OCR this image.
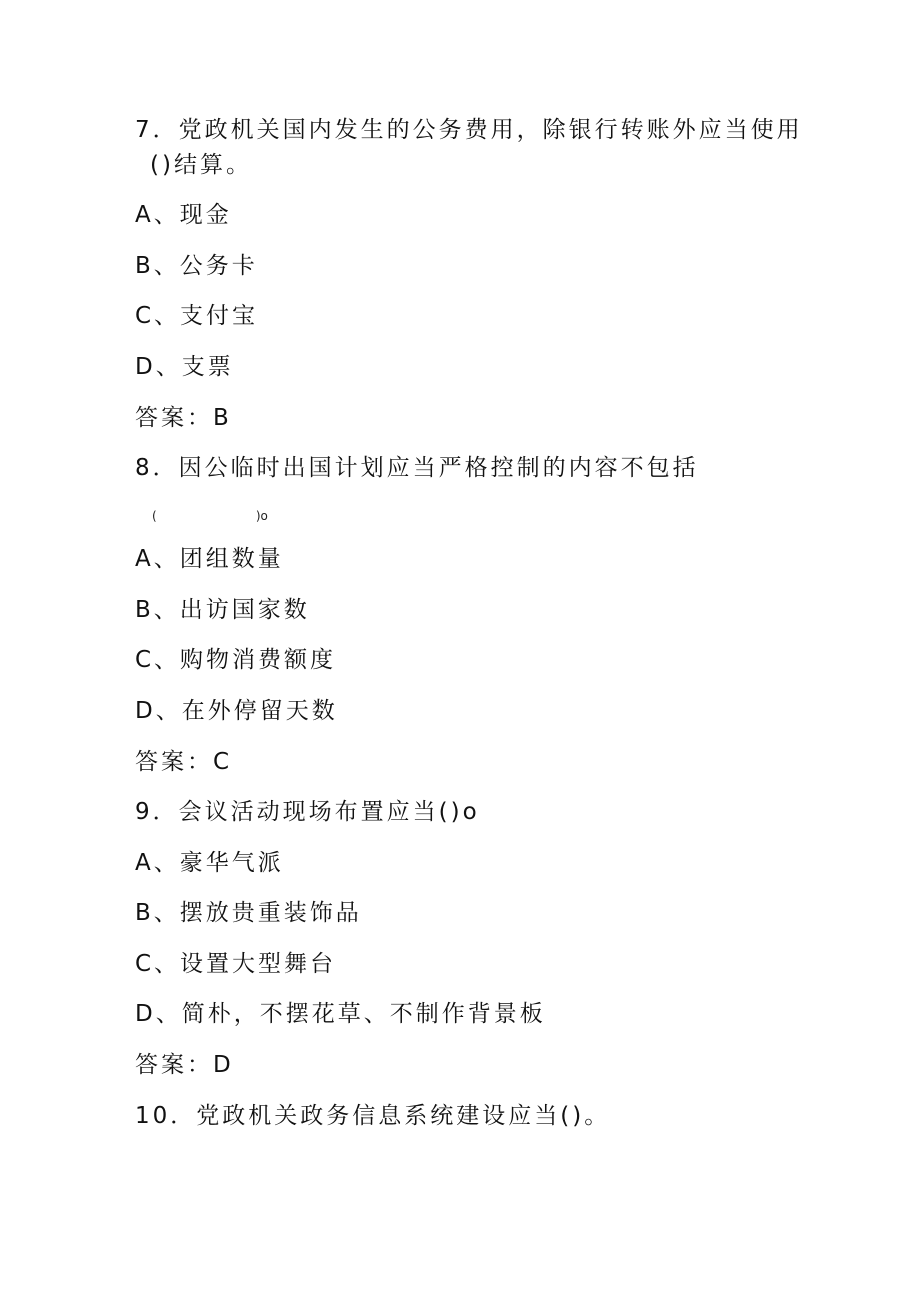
7．党政机关国内发生的公务费用，除银行转账外应当使用
()结算。
A、现金
B、公务卡
C、支付宝
D、支票
答案：B
8．因公临时出国计划应当严格控制的内容不包括
(                          )o
A、团组数量
B、出访国家数
C、购物消费额度
D、在外停留天数
答案：C
9．会议活动现场布置应当()o
A、豪华气派
B、摆放贵重装饰品
C、设置大型舞台
D、简朴，不摆花草、不制作背景板
答案：D
10．党政机关政务信息系统建设应当()。
